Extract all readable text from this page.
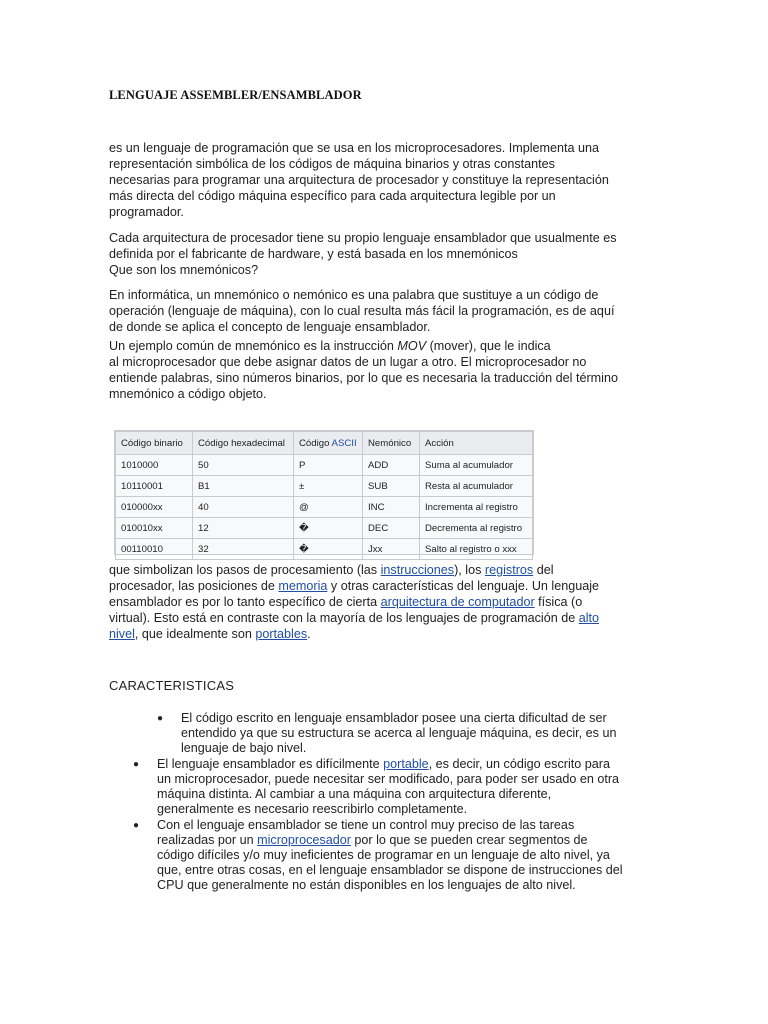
LENGUAJE ASSEMBLER/ENSAMBLADOR
es un lenguaje de programación que se usa en los microprocesadores. Implementa una
representación simbólica de los códigos de máquina binarios y otras constantes
necesarias para programar una arquitectura de procesador y constituye la representación
más directa del código máquina específico para cada arquitectura legible por un
programador.
Cada arquitectura de procesador tiene su propio lenguaje ensamblador que usualmente es
definida por el fabricante de hardware, y está basada en los mnemónicos
Que son los mnemónicos?
En informática, un mnemónico o nemónico es una palabra que sustituye a un código de
operación (lenguaje de máquina), con lo cual resulta más fácil la programación, es de aquí
de donde se aplica el concepto de lenguaje ensamblador.
Un ejemplo común de mnemónico es la instrucción MOV (mover), que le indica
al microprocesador que debe asignar datos de un lugar a otro. El microprocesador no
entiende palabras, sino números binarios, por lo que es necesaria la traducción del término
mnemónico a código objeto.
Código binario	Código hexadecimal	Código ASCII	Nemónico	Acción
1010000	50	P	ADD	Suma al acumulador
10110001	B1	±	SUB	Resta al acumulador
010000xx	40	@	INC	Incrementa al registro
010010xx	12	�	DEC	Decrementa al registro
00110010	32	�	Jxx	Salto al registro o xxx
que simbolizan los pasos de procesamiento (las instrucciones), los registros del
procesador, las posiciones de memoria y otras características del lenguaje. Un lenguaje
ensamblador es por lo tanto específico de cierta arquitectura de computador física (o
virtual). Esto está en contraste con la mayoría de los lenguajes de programación de alto
nivel, que idealmente son portables.
CARACTERISTICAS
●	El código escrito en lenguaje ensamblador posee una cierta dificultad de ser
entendido ya que su estructura se acerca al lenguaje máquina, es decir, es un
lenguaje de bajo nivel.
●	El lenguaje ensamblador es difícilmente portable, es decir, un código escrito para
un microprocesador, puede necesitar ser modificado, para poder ser usado en otra
máquina distinta. Al cambiar a una máquina con arquitectura diferente,
generalmente es necesario reescribirlo completamente.
●	Con el lenguaje ensamblador se tiene un control muy preciso de las tareas
realizadas por un microprocesador por lo que se pueden crear segmentos de
código difíciles y/o muy ineficientes de programar en un lenguaje de alto nivel, ya
que, entre otras cosas, en el lenguaje ensamblador se dispone de instrucciones del
CPU que generalmente no están disponibles en los lenguajes de alto nivel.
